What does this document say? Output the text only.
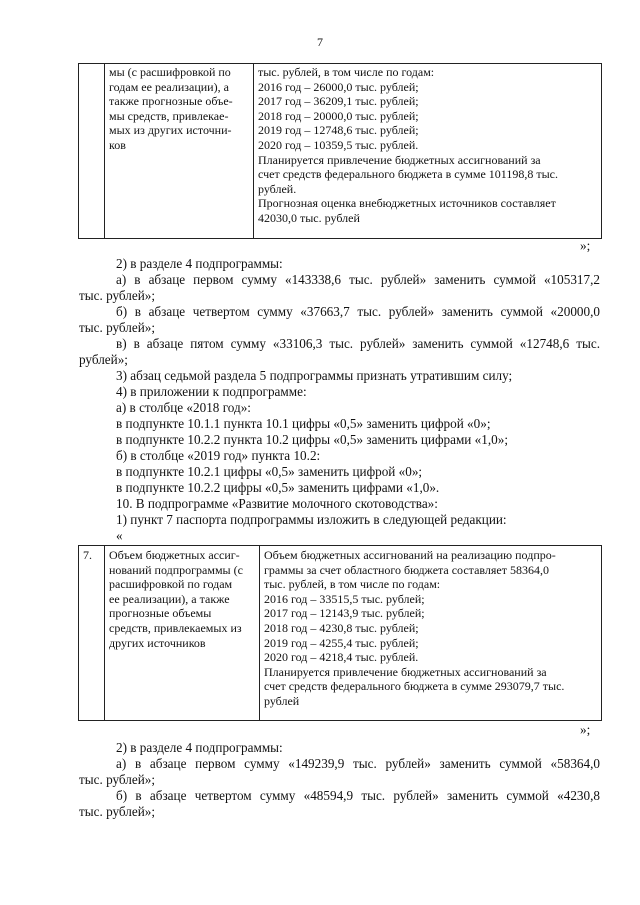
7

мы (с расшифровкой по
годам ее реализации), а
также прогнозные объе-
мы средств, привлекае-
мых из других источни-
ков

тыс. рублей, в том числе по годам:
2016 год – 26000,0 тыс. рублей;
2017 год – 36209,1 тыс. рублей;
2018 год – 20000,0 тыс. рублей;
2019 год – 12748,6 тыс. рублей;
2020 год – 10359,5 тыс. рублей.
Планируется привлечение бюджетных ассигнований за
счет средств федерального бюджета в сумме 101198,8 тыс.
рублей.
Прогнозная оценка внебюджетных источников составляет
42030,0 тыс. рублей
»;
2) в разделе 4 подпрограммы:
а) в абзаце первом сумму «143338,6 тыс. рублей» заменить суммой «105317,2
тыс. рублей»;
б) в абзаце четвертом сумму «37663,7 тыс. рублей» заменить суммой «20000,0
тыс. рублей»;
в) в абзаце пятом сумму «33106,3 тыс. рублей» заменить суммой «12748,6 тыс.
рублей»;
3) абзац седьмой раздела 5 подпрограммы признать утратившим силу;
4) в приложении к подпрограмме:
а) в столбце «2018 год»:
в подпункте 10.1.1 пункта 10.1 цифры «0,5» заменить цифрой «0»;
в подпункте 10.2.2 пункта 10.2 цифры «0,5» заменить цифрами «1,0»;
б) в столбце «2019 год» пункта 10.2:
в подпункте 10.2.1 цифры «0,5» заменить цифрой «0»;
в подпункте 10.2.2 цифры «0,5» заменить цифрами «1,0».
10. В подпрограмме «Развитие молочного скотоводства»:
1) пункт 7 паспорта подпрограммы изложить в следующей редакции:
«
7.	Объем бюджетных ассиг-
нований подпрограммы (с
расшифровкой по годам
ее реализации), а также
прогнозные объемы
средств, привлекаемых из
других источников

Объем бюджетных ассигнований на реализацию подпро-
граммы за счет областного бюджета составляет 58364,0
тыс. рублей, в том числе по годам:
2016 год – 33515,5 тыс. рублей;
2017 год – 12143,9 тыс. рублей;
2018 год – 4230,8 тыс. рублей;
2019 год – 4255,4 тыс. рублей;
2020 год – 4218,4 тыс. рублей.
Планируется привлечение бюджетных ассигнований за
счет средств федерального бюджета в сумме 293079,7 тыс.
рублей
»;
2) в разделе 4 подпрограммы:
а) в абзаце первом сумму «149239,9 тыс. рублей» заменить суммой «58364,0
тыс. рублей»;
б) в абзаце четвертом сумму «48594,9 тыс. рублей» заменить суммой «4230,8
тыс. рублей»;
